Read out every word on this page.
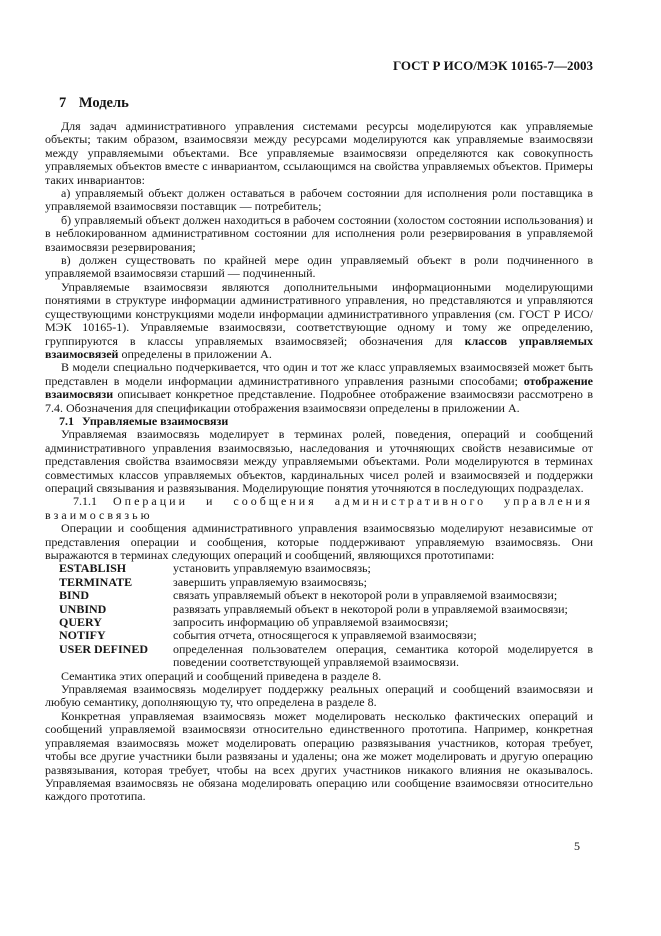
ГОСТ Р ИСО/МЭК 10165-7—2003
7 Модель

Для задач административного управления системами ресурсы моделируются как управляемые объекты; таким образом, взаимосвязи между ресурсами моделируются как управляемые взаимосвязи между управляемыми объектами. Все управляемые взаимосвязи определяются как совокупность управляемых объектов вместе с инвариантом, ссылающимся на свойства управляемых объектов. Примеры таких инвариантов:

а) управляемый объект должен оставаться в рабочем состоянии для исполнения роли поставщика в управляемой взаимосвязи поставщик — потребитель;

б) управляемый объект должен находиться в рабочем состоянии (холостом состоянии использования) и в неблокированном административном состоянии для исполнения роли резервирования в управляемой взаимосвязи резервирования;

в) должен существовать по крайней мере один управляемый объект в роли подчиненного в управляемой взаимосвязи старший — подчиненный.

Управляемые взаимосвязи являются дополнительными информационными моделирующими понятиями в структуре информации административного управления, но представляются и управляются существующими конструкциями модели информации административного управления (см. ГОСТ Р ИСО/МЭК 10165-1). Управляемые взаимосвязи, соответствующие одному и тому же определению, группируются в классы управляемых взаимосвязей; обозначения для классов управляемых взаимосвязей определены в приложении А.

В модели специально подчеркивается, что один и тот же класс управляемых взаимосвязей может быть представлен в модели информации административного управления разными способами; отображение взаимосвязи описывает конкретное представление. Подробнее отображение взаимосвязи рассмотрено в 7.4. Обозначения для спецификации отображения взаимосвязи определены в приложении А.

7.1 Управляемые взаимосвязи

Управляемая взаимосвязь моделирует в терминах ролей, поведения, операций и сообщений административного управления взаимосвязью, наследования и уточняющих свойств независимые от представления свойства взаимосвязи между управляемыми объектами. Роли моделируются в терминах совместимых классов управляемых объектов, кардинальных чисел ролей и взаимосвязей и поддержки операций связывания и развязывания. Моделирующие понятия уточняются в последующих подразделах.

7.1.1 Операции и сообщения административного управления взаимосвязью

Операции и сообщения административного управления взаимосвязью моделируют независимые от представления операции и сообщения, которые поддерживают управляемую взаимосвязь. Они выражаются в терминах следующих операций и сообщений, являющихся прототипами:

ESTABLISH	установить управляемую взаимосвязь;
TERMINATE	завершить управляемую взаимосвязь;
BIND	связать управляемый объект в некоторой роли в управляемой взаимосвязи;
UNBIND	развязать управляемый объект в некоторой роли в управляемой взаимосвязи;
QUERY	запросить информацию об управляемой взаимосвязи;
NOTIFY	события отчета, относящегося к управляемой взаимосвязи;
USER DEFINED	определенная пользователем операция, семантика которой моделируется в поведении соответствующей управляемой взаимосвязи.

Семантика этих операций и сообщений приведена в разделе 8.

Управляемая взаимосвязь моделирует поддержку реальных операций и сообщений взаимосвязи и любую семантику, дополняющую ту, что определена в разделе 8.

Конкретная управляемая взаимосвязь может моделировать несколько фактических операций и сообщений управляемой взаимосвязи относительно единственного прототипа. Например, конкретная управляемая взаимосвязь может моделировать операцию развязывания участников, которая требует, чтобы все другие участники были развязаны и удалены; она же может моделировать и другую операцию развязывания, которая требует, чтобы на всех других участников никакого влияния не оказывалось. Управляемая взаимосвязь не обязана моделировать операцию или сообщение взаимосвязи относительно каждого прототипа.

5
